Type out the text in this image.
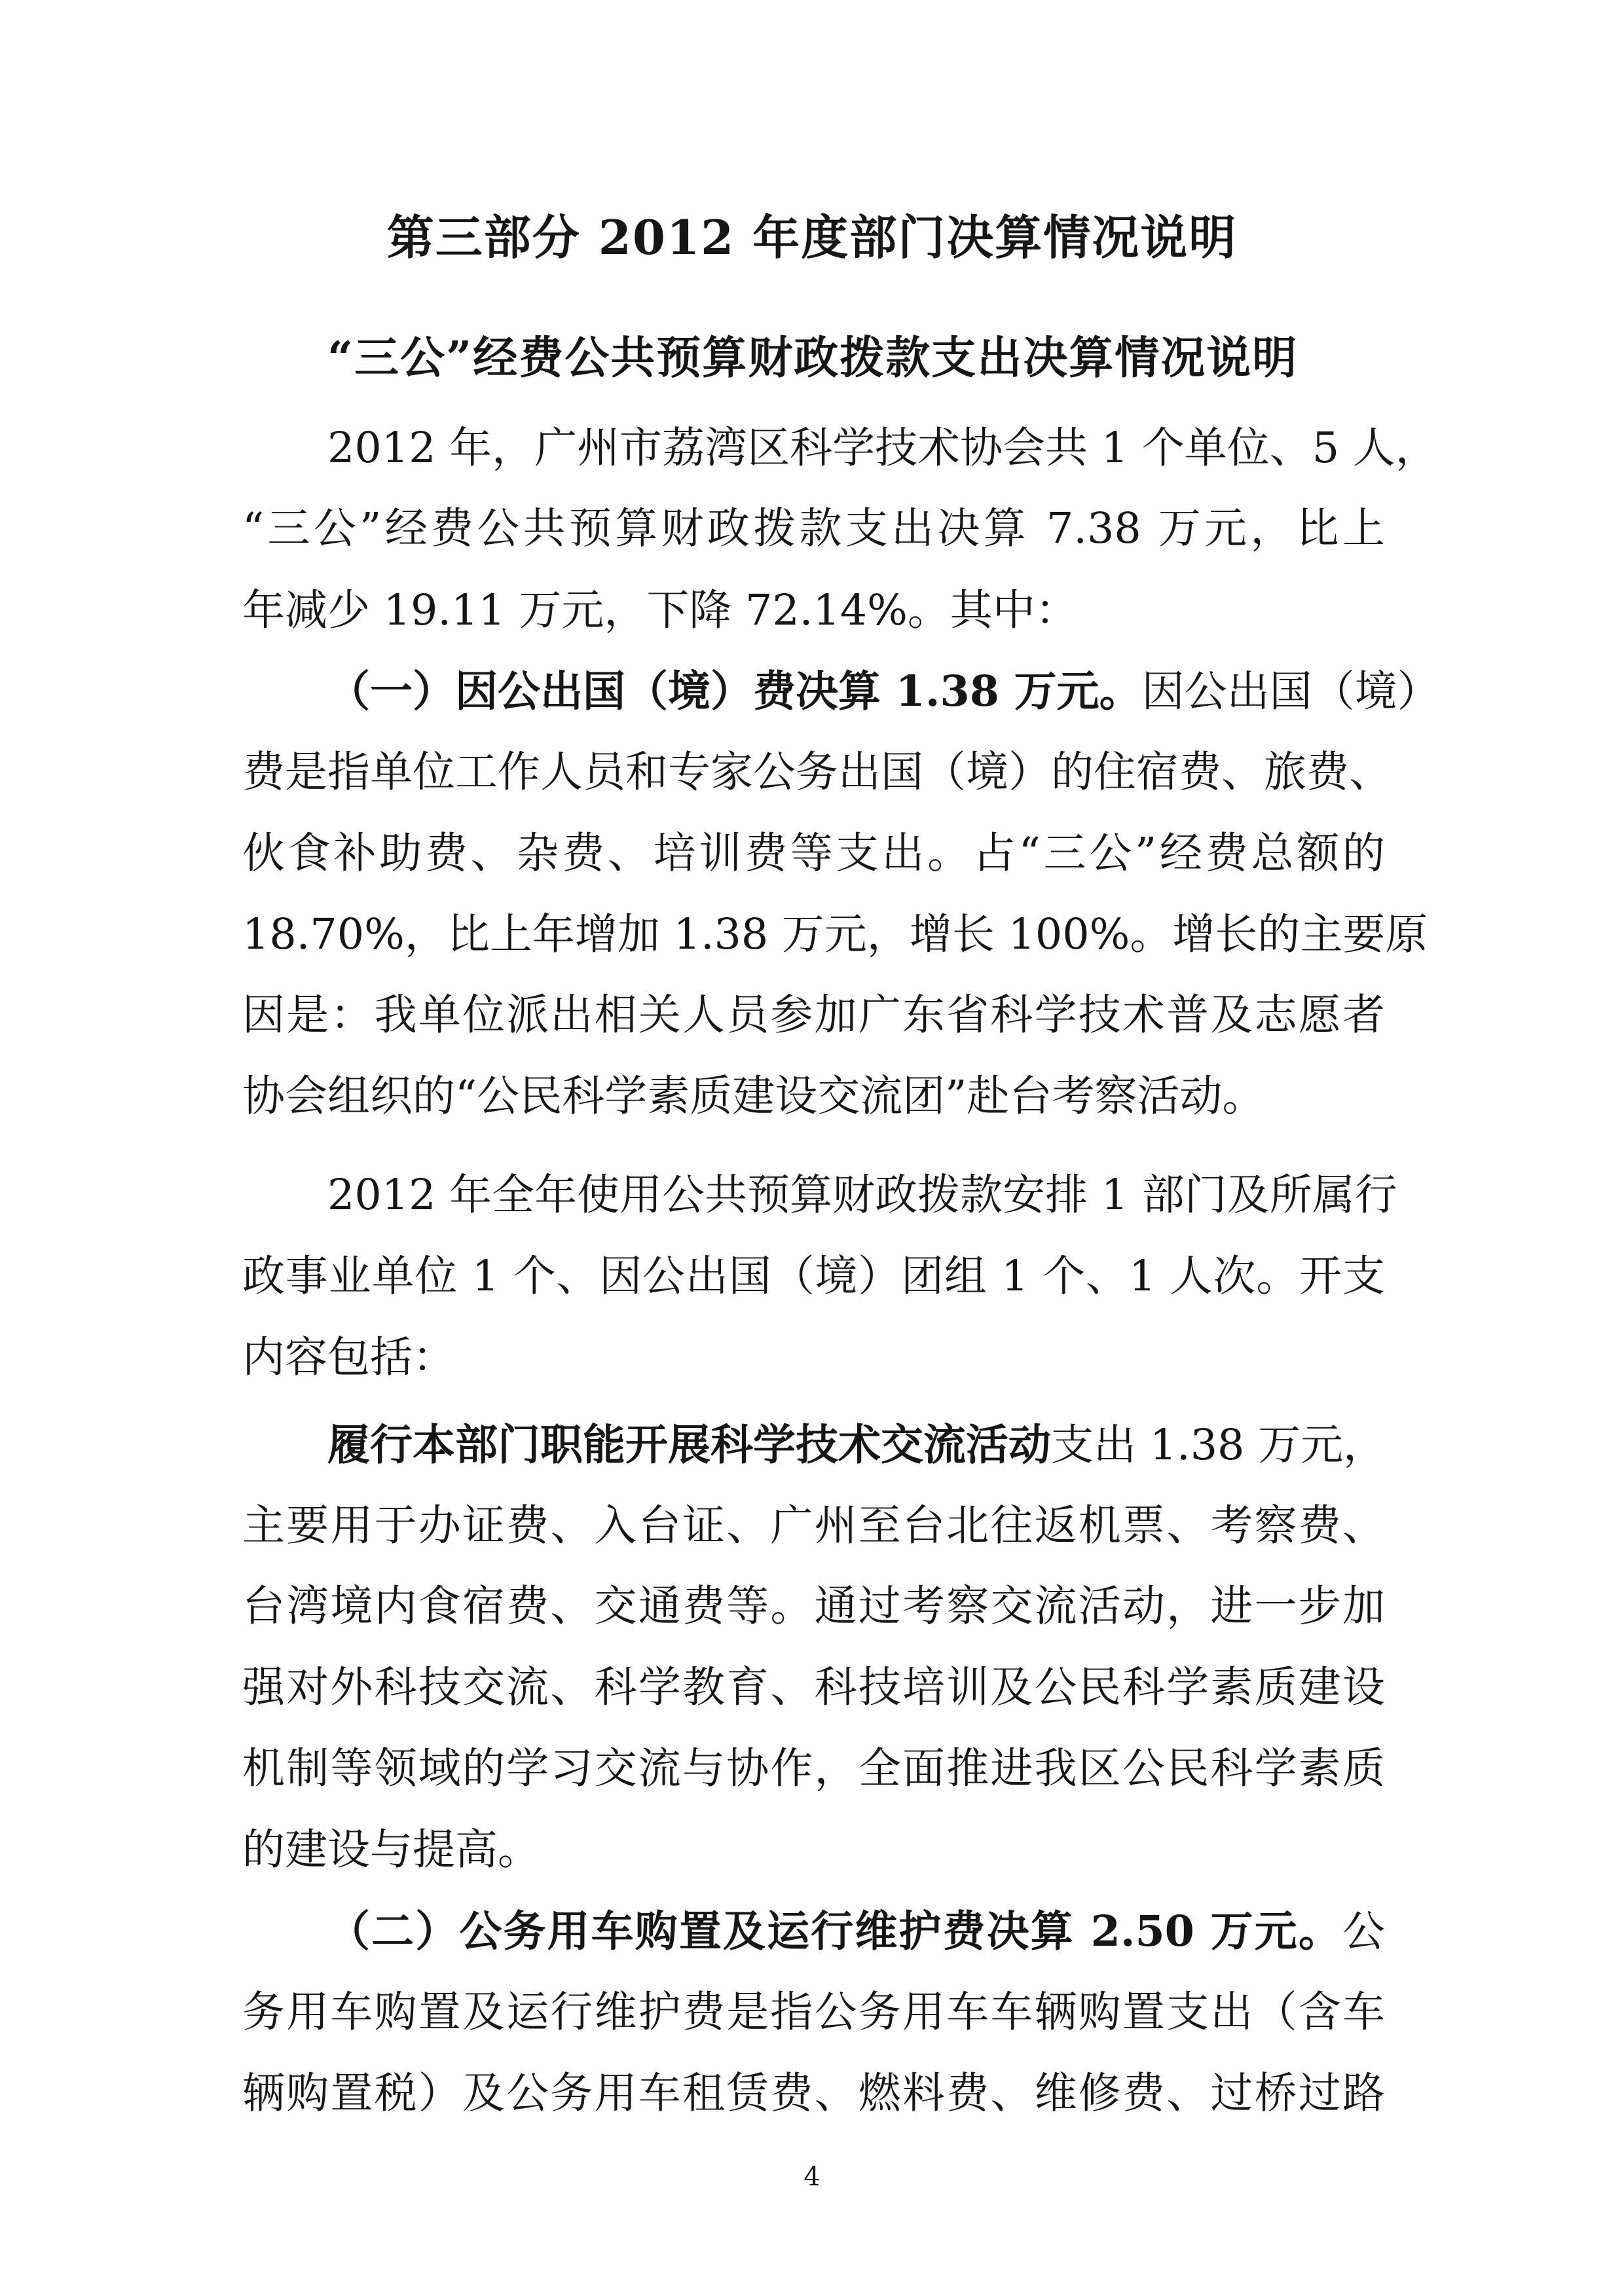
第三部分 2012 年度部门决算情况说明
“三公”经费公共预算财政拨款支出决算情况说明
2012 年，广州市荔湾区科学技术协会共 1 个单位、5 人，
“三公”经费公共预算财政拨款支出决算 7.38 万元，比上
年减少 19.11 万元，下降 72.14%。其中：
（一）因公出国（境）费决算 1.38 万元。因公出国（境）
费是指单位工作人员和专家公务出国（境）的住宿费、旅费、
伙食补助费、杂费、培训费等支出。占“三公”经费总额的
18.70%，比上年增加 1.38 万元，增长 100%。增长的主要原
因是：我单位派出相关人员参加广东省科学技术普及志愿者
协会组织的“公民科学素质建设交流团”赴台考察活动。
2012 年全年使用公共预算财政拨款安排 1 部门及所属行
政事业单位 1 个、因公出国（境）团组 1 个、1 人次。开支
内容包括：
履行本部门职能开展科学技术交流活动支出 1.38 万元，
主要用于办证费、入台证、广州至台北往返机票、考察费、
台湾境内食宿费、交通费等。通过考察交流活动，进一步加
强对外科技交流、科学教育、科技培训及公民科学素质建设
机制等领域的学习交流与协作，全面推进我区公民科学素质
的建设与提高。
（二）公务用车购置及运行维护费决算 2.50 万元。公
务用车购置及运行维护费是指公务用车车辆购置支出（含车
辆购置税）及公务用车租赁费、燃料费、维修费、过桥过路
4
